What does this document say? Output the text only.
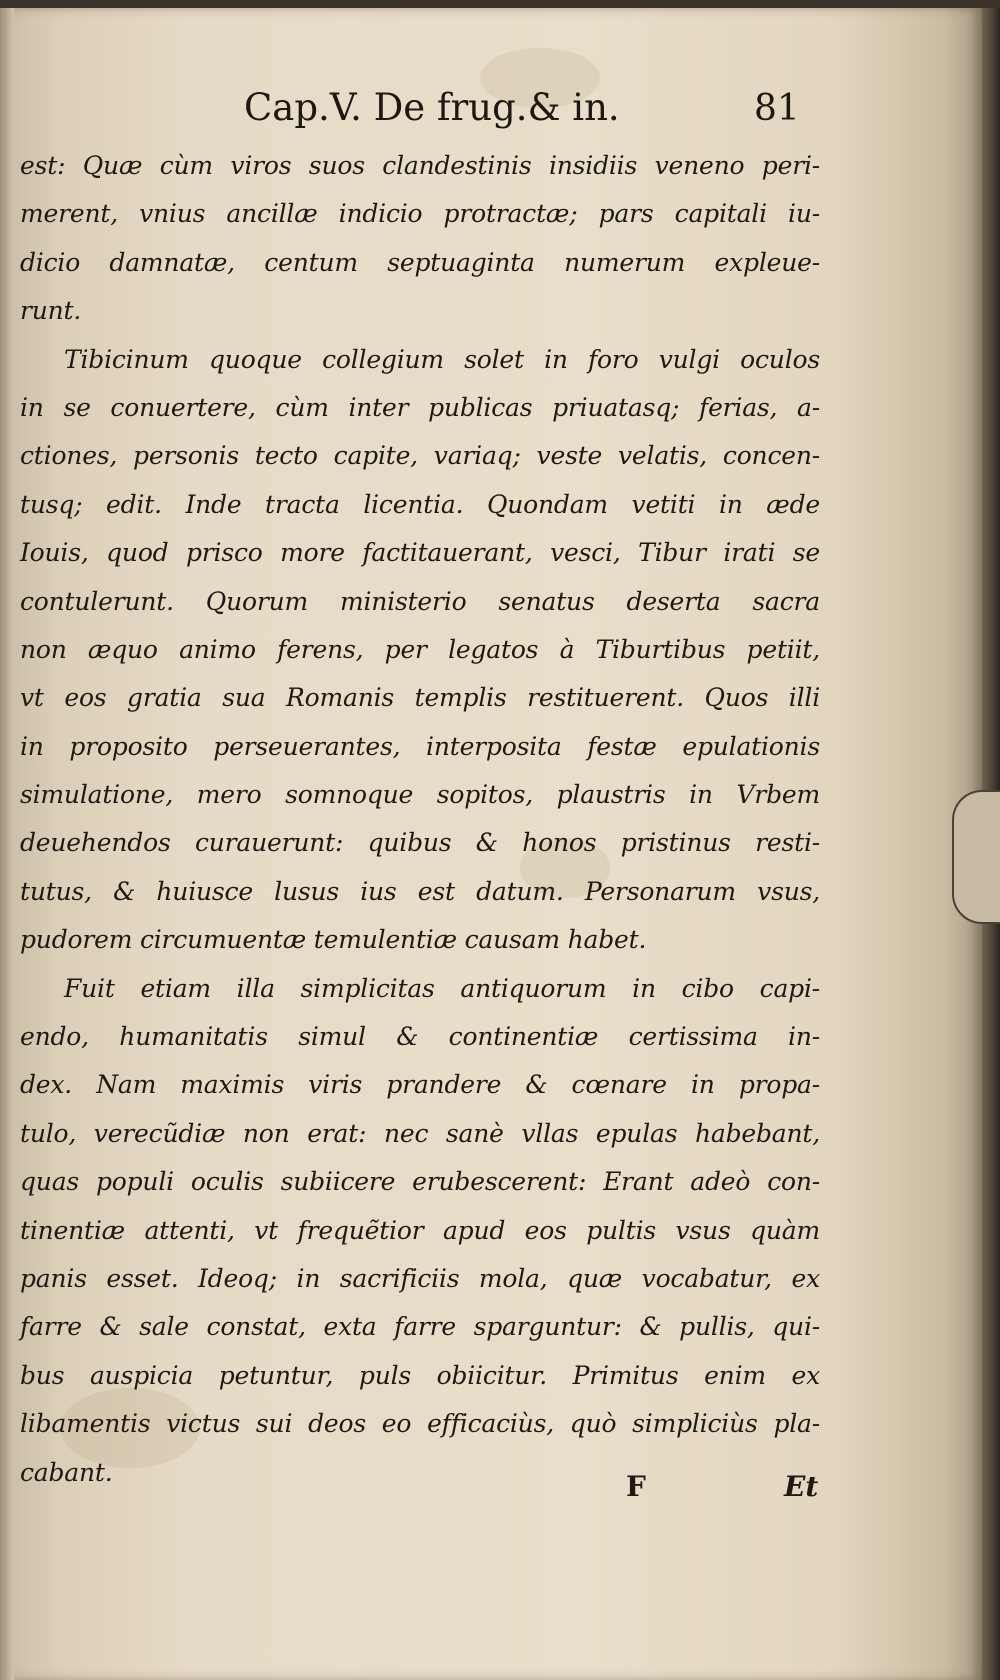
Cap.V. De frug.& in.	81
est: Quæ cùm viros suos clandestinis insidiis veneno peri-
merent, vnius ancillæ indicio protractæ; pars capitali iu-
dicio damnatæ, centum septuaginta numerum expleue-
runt.
Tibicinum quoque collegium solet in foro vulgi oculos
in se conuertere, cùm inter publicas priuatasq; ferias, a-
ctiones, personis tecto capite, variaq; veste velatis, concen-
tusq; edit. Inde tracta licentia. Quondam vetiti in æde
Iouis, quod prisco more factitauerant, vesci, Tibur irati se
contulerunt. Quorum ministerio senatus deserta sacra
non æquo animo ferens, per legatos à Tiburtibus petiit,
vt eos gratia sua Romanis templis restituerent. Quos illi
in proposito perseuerantes, interposita festæ epulationis
simulatione, mero somnoque sopitos, plaustris in Vrbem
deuehendos curauerunt: quibus & honos pristinus resti-
tutus, & huiusce lusus ius est datum. Personarum vsus,
pudorem circumuentæ temulentiæ causam habet.
Fuit etiam illa simplicitas antiquorum in cibo capi-
endo, humanitatis simul & continentiæ certissima in-
dex. Nam maximis viris prandere & cœnare in propa-
tulo, verecũdiæ non erat: nec sanè vllas epulas habebant,
quas populi oculis subiicere erubescerent: Erant adeò con-
tinentiæ attenti, vt frequẽtior apud eos pultis vsus quàm
panis esset. Ideoq; in sacrificiis mola, quæ vocabatur, ex
farre & sale constat, exta farre sparguntur: & pullis, qui-
bus auspicia petuntur, puls obiicitur. Primitus enim ex
libamentis victus sui deos eo efficaciùs, quò simpliciùs pla-
cabant.	F	Et
